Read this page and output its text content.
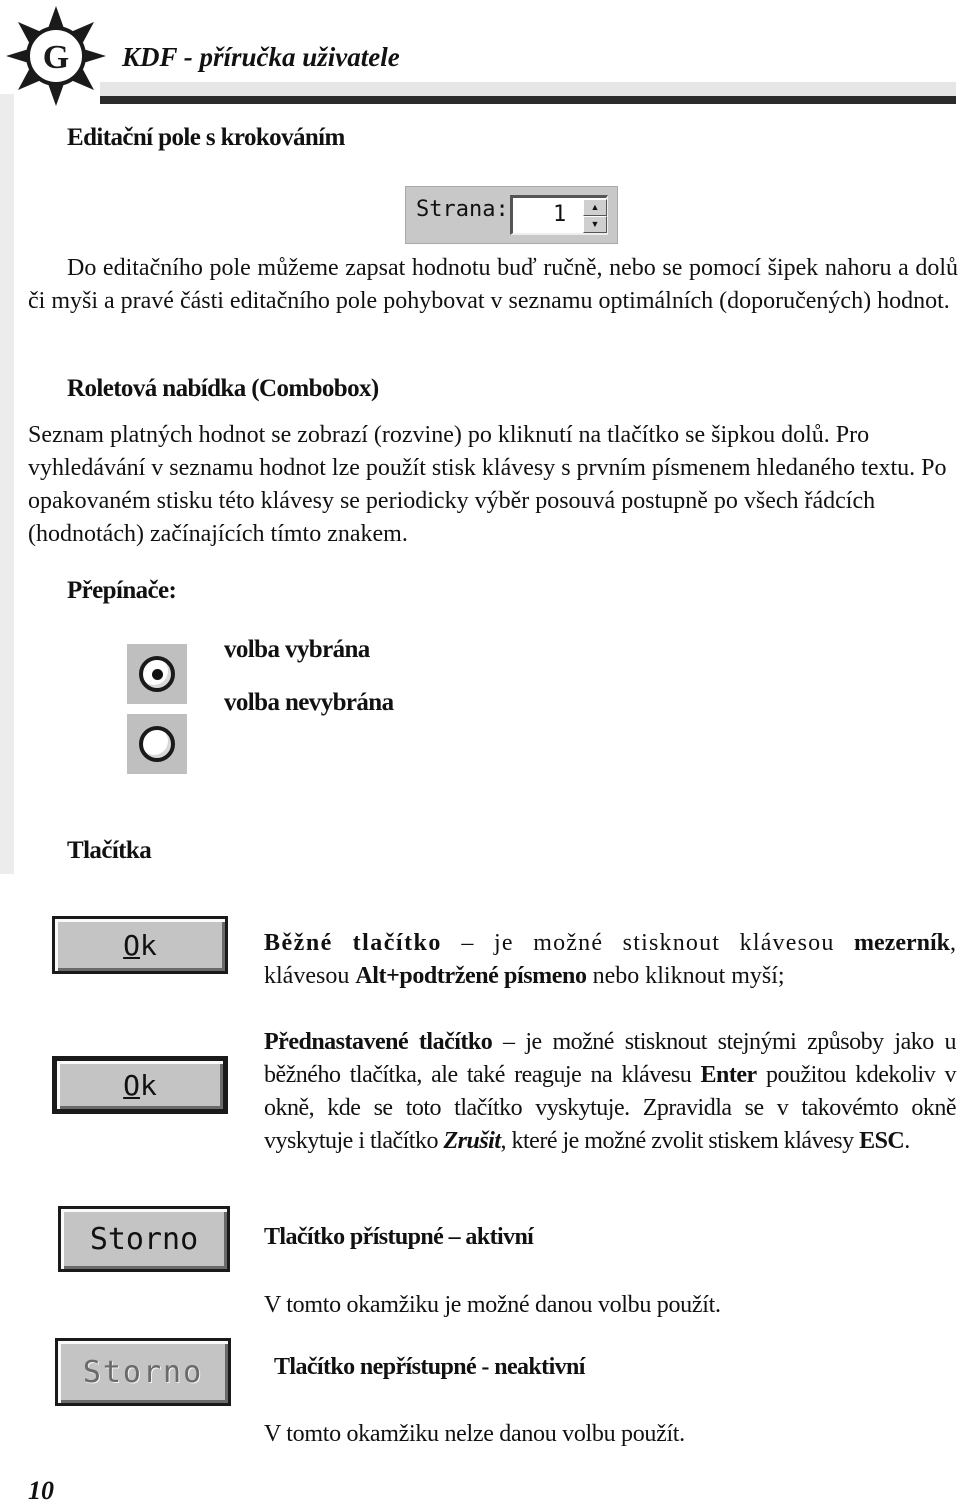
G KDF - příručka uživatele
Editační pole s krokováním
Strana: 1	▲
▼

Do editačního pole můžeme zapsat hodnotu buď ručně, nebo se pomocí šipek nahoru a dolů či myši a pravé části editačního pole pohybovat v seznamu optimálních (doporučených) hodnot.

Roletová nabídka (Combobox)

Seznam platných hodnot se zobrazí (rozvine) po kliknutí na tlačítko se šipkou dolů. Pro vyhledávání v seznamu hodnot lze použít stisk klávesy s prvním písmenem hledaného textu. Po opakovaném stisku této klávesy se periodicky výběr posouvá postupně po všech řádcích (hodnotách) začínajících tímto znakem.

Přepínače:
volba vybrána
volba nevybrána
Tlačítka
O k	Běžné tlačítko – je možné stisknout klávesou mezerník, klávesou Alt+podtržené písmeno nebo kliknout myší;
O k
Přednastavené tlačítko – je možné stisknout stejnými způsoby jako u běžného tlačítka, ale také reaguje na klávesu Enter použitou kdekoliv v okně, kde se toto tlačítko vyskytuje. Zpravidla se v takovémto okně vyskytuje i tlačítko Zrušit, které je možné zvolit stiskem klávesy ESC.
Storno	Tlačítko přístupné – aktivní
V tomto okamžiku je možné danou volbu použít.
Storno	Tlačítko nepřístupné - neaktivní
V tomto okamžiku nelze danou volbu použít.
10
